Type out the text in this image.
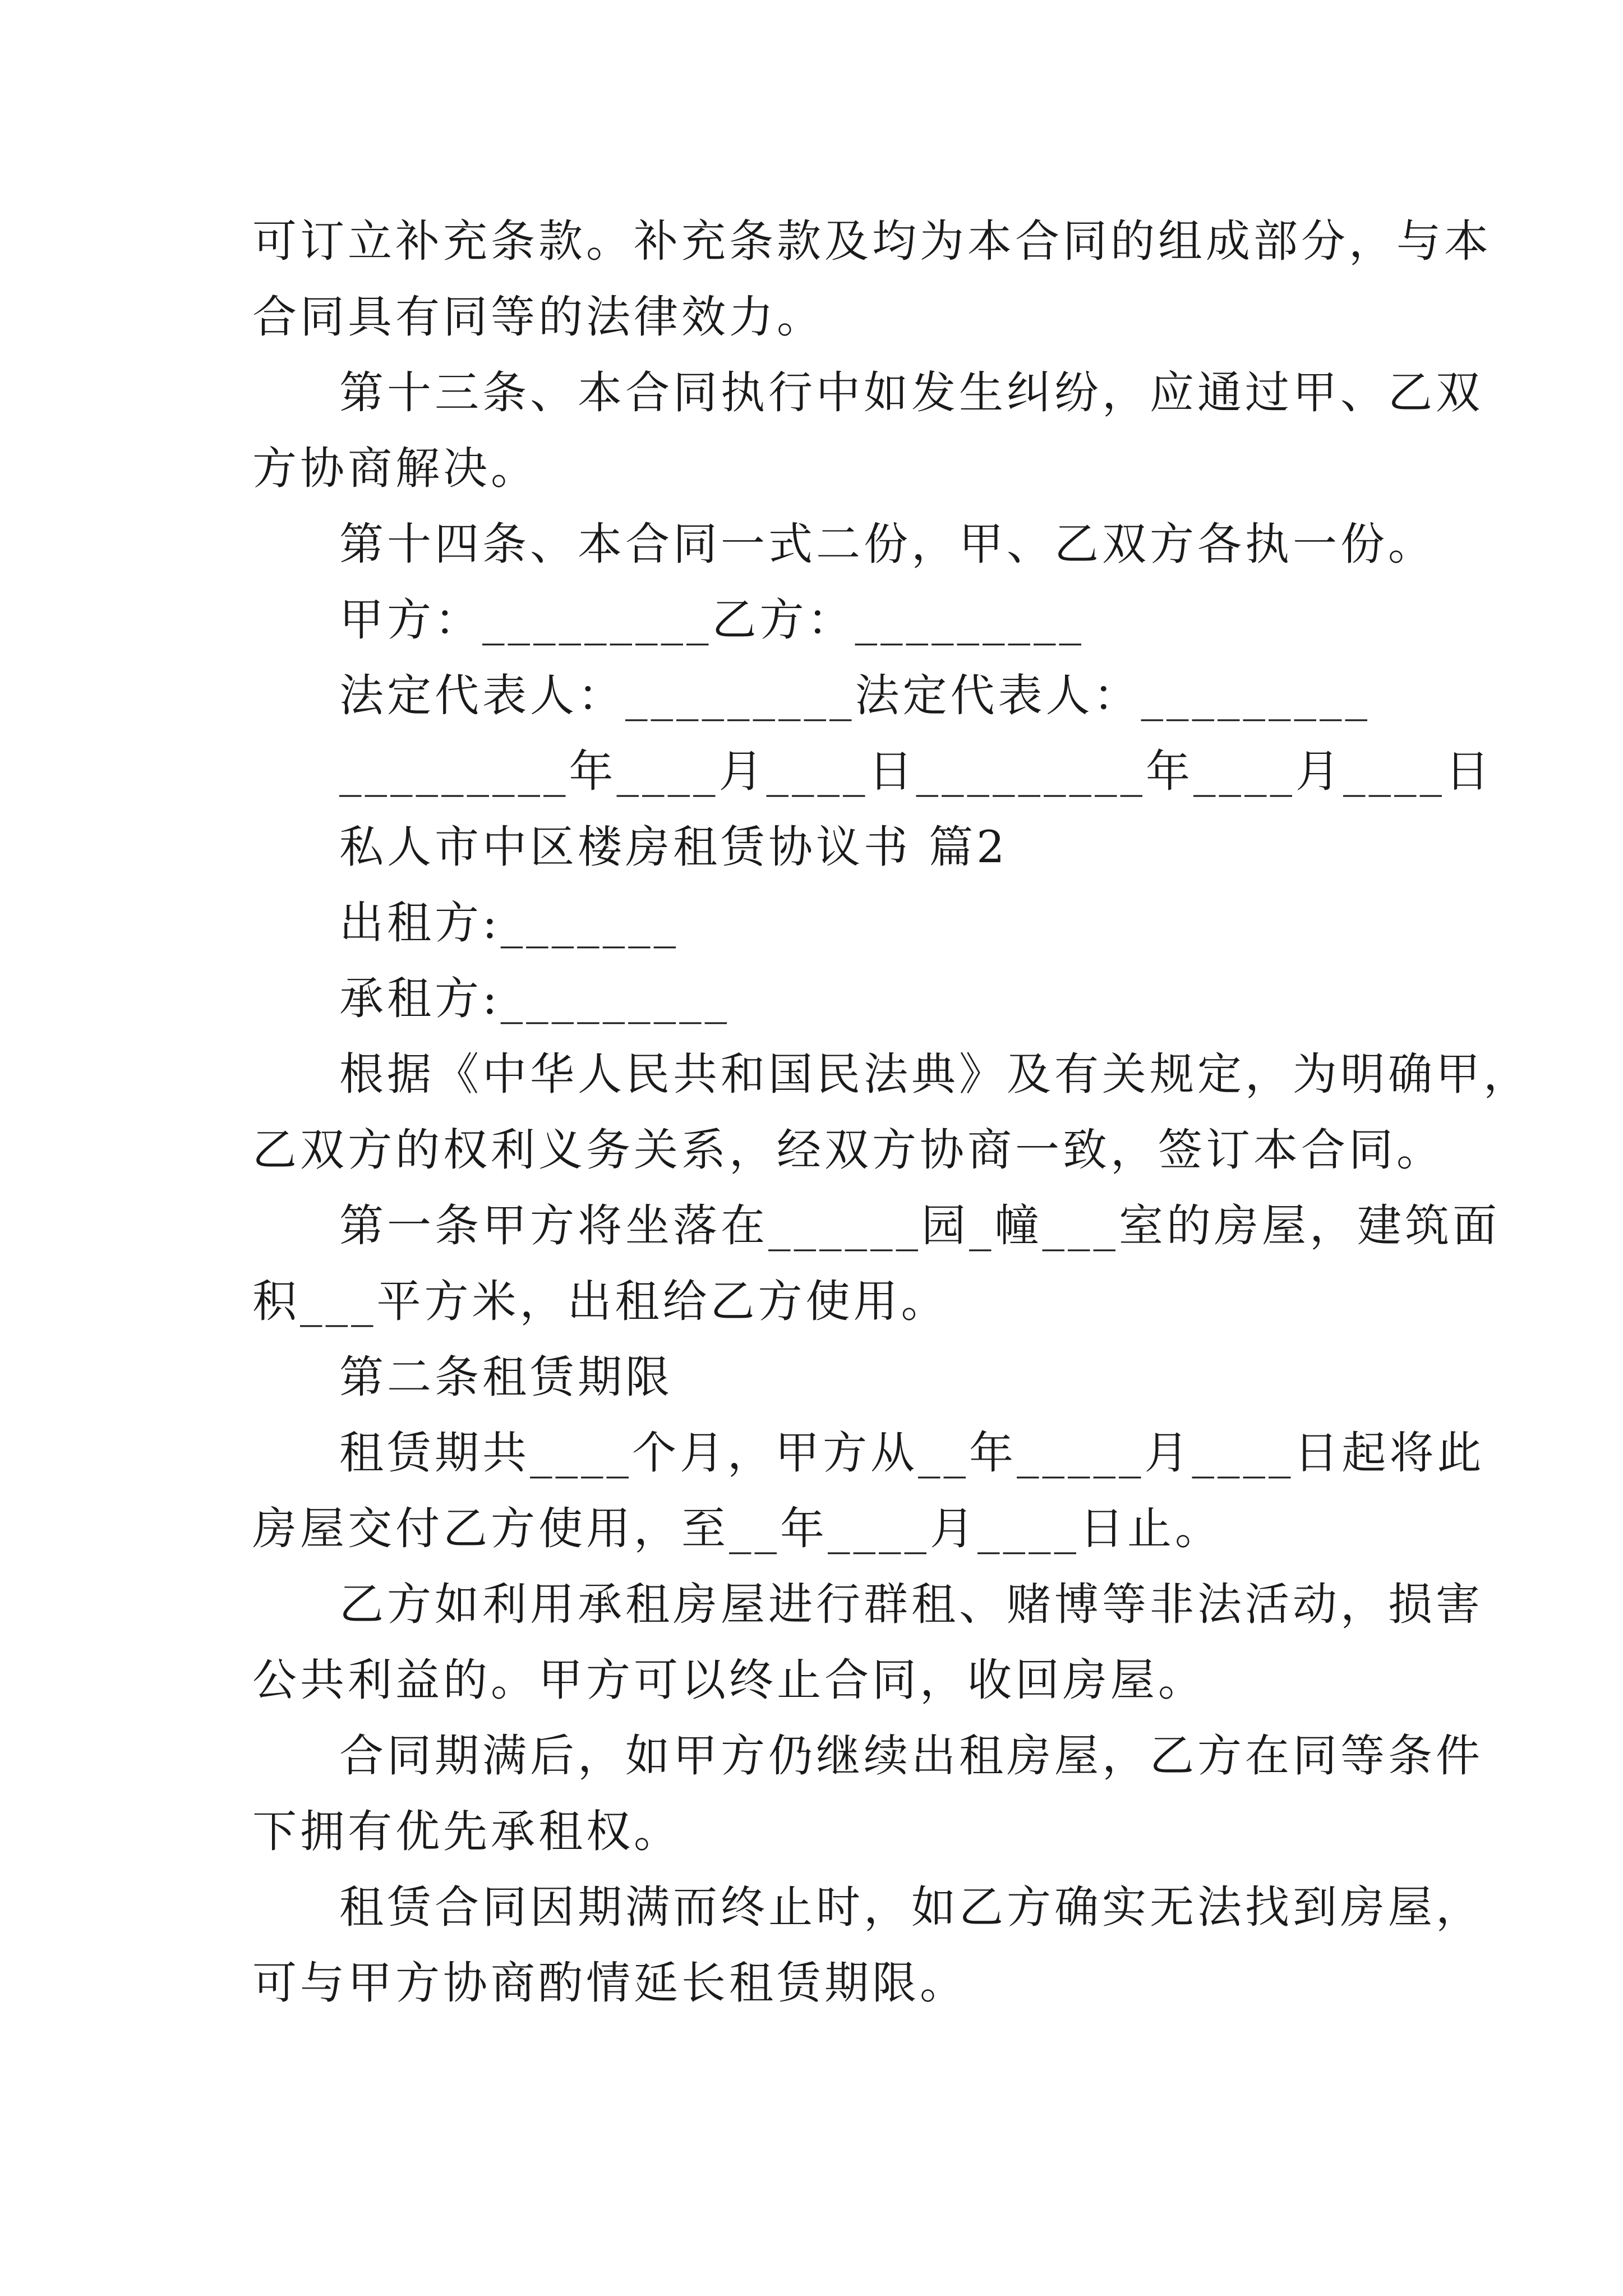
可订立补充条款。补充条款及均为本合同的组成部分，与本
合同具有同等的法律效力。
第十三条、本合同执行中如发生纠纷，应通过甲、乙双
方协商解决。
第十四条、本合同一式二份，甲、乙双方各执一份。
甲方：_________乙方：_________
法定代表人：_________法定代表人：_________
_________年____月____日_________年____月____日
私人市中区楼房租赁协议书 篇2
出租方:_______
承租方:_________
根据《中华人民共和国民法典》及有关规定，为明确甲，
乙双方的权利义务关系，经双方协商一致，签订本合同。
第一条甲方将坐落在______园_幢___室的房屋，建筑面
积___平方米，出租给乙方使用。
第二条租赁期限
租赁期共____个月，甲方从__年_____月____日起将此
房屋交付乙方使用，至__年____月____日止。
乙方如利用承租房屋进行群租、赌博等非法活动，损害
公共利益的。甲方可以终止合同，收回房屋。
合同期满后，如甲方仍继续出租房屋，乙方在同等条件
下拥有优先承租权。
租赁合同因期满而终止时，如乙方确实无法找到房屋，
可与甲方协商酌情延长租赁期限。
